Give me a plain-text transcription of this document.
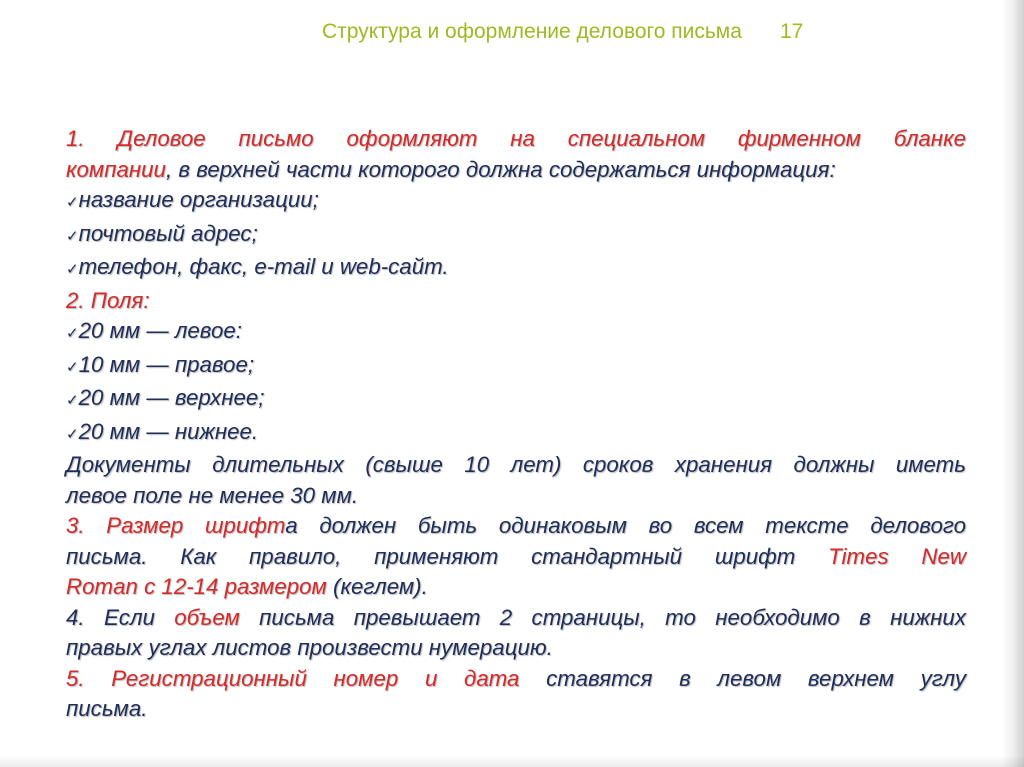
Структура и оформление делового письма 17
1. Деловое письмо оформляют на специальном фирменном бланке
компании, в верхней части которого должна содержаться информация:
✓название организации;
✓почтовый адрес;
✓телефон, факс, e-mail и web-сайт.
2. Поля:
✓20 мм — левое:
✓10 мм — правое;
✓20 мм — верхнее;
✓20 мм — нижнее.
Документы длительных (свыше 10 лет) сроков хранения должны иметь
левое поле не менее 30 мм.
3. Размер шрифта должен быть одинаковым во всем тексте делового
письма. Как правило, применяют стандартный шрифт Times New
Roman с 12-14 размером (кеглем).
4. Если объем письма превышает 2 страницы, то необходимо в нижних
правых углах листов произвести нумерацию.
5. Регистрационный номер и дата ставятся в левом верхнем углу
письма.
